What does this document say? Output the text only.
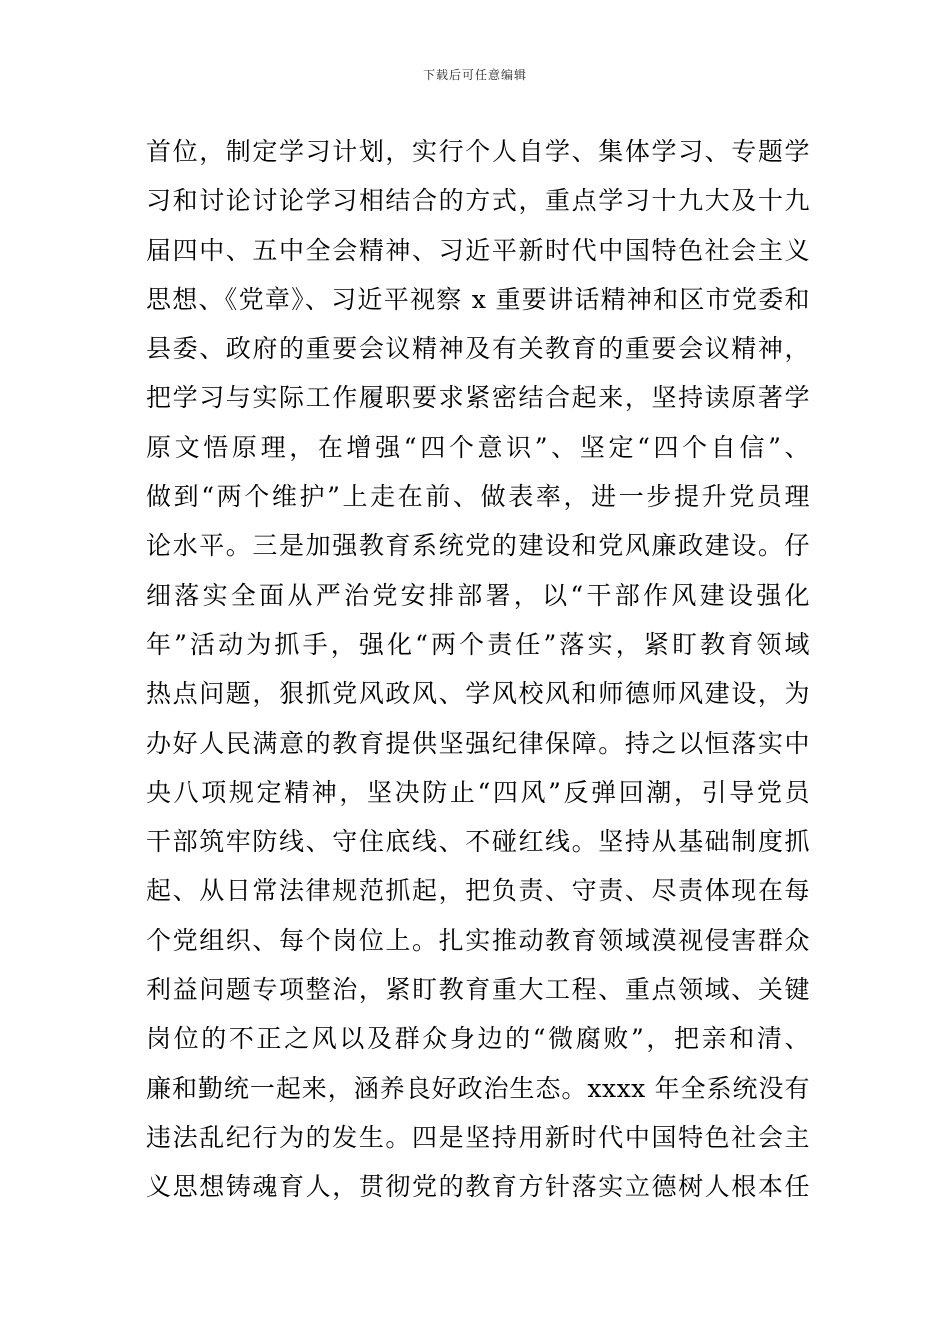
下载后可任意编辑
首位，制定学习计划，实行个人自学、集体学习、专题学
习和讨论讨论学习相结合的方式，重点学习十九大及十九
届四中、五中全会精神、习近平新时代中国特色社会主义
思想、《党章》、习近平视察 x 重要讲话精神和区市党委和
县委、政府的重要会议精神及有关教育的重要会议精神，
把学习与实际工作履职要求紧密结合起来，坚持读原著学
原文悟原理，在增强“四个意识”、坚定“四个自信”、
做到“两个维护”上走在前、做表率，进一步提升党员理
论水平。三是加强教育系统党的建设和党风廉政建设。仔
细落实全面从严治党安排部署，以“干部作风建设强化
年”活动为抓手，强化“两个责任”落实，紧盯教育领域
热点问题，狠抓党风政风、学风校风和师德师风建设，为
办好人民满意的教育提供坚强纪律保障。持之以恒落实中
央八项规定精神，坚决防止“四风”反弹回潮，引导党员
干部筑牢防线、守住底线、不碰红线。坚持从基础制度抓
起、从日常法律规范抓起，把负责、守责、尽责体现在每
个党组织、每个岗位上。扎实推动教育领域漠视侵害群众
利益问题专项整治，紧盯教育重大工程、重点领域、关键
岗位的不正之风以及群众身边的“微腐败”，把亲和清、
廉和勤统一起来，涵养良好政治生态。xxxx 年全系统没有
违法乱纪行为的发生。四是坚持用新时代中国特色社会主
义思想铸魂育人，贯彻党的教育方针落实立德树人根本任
